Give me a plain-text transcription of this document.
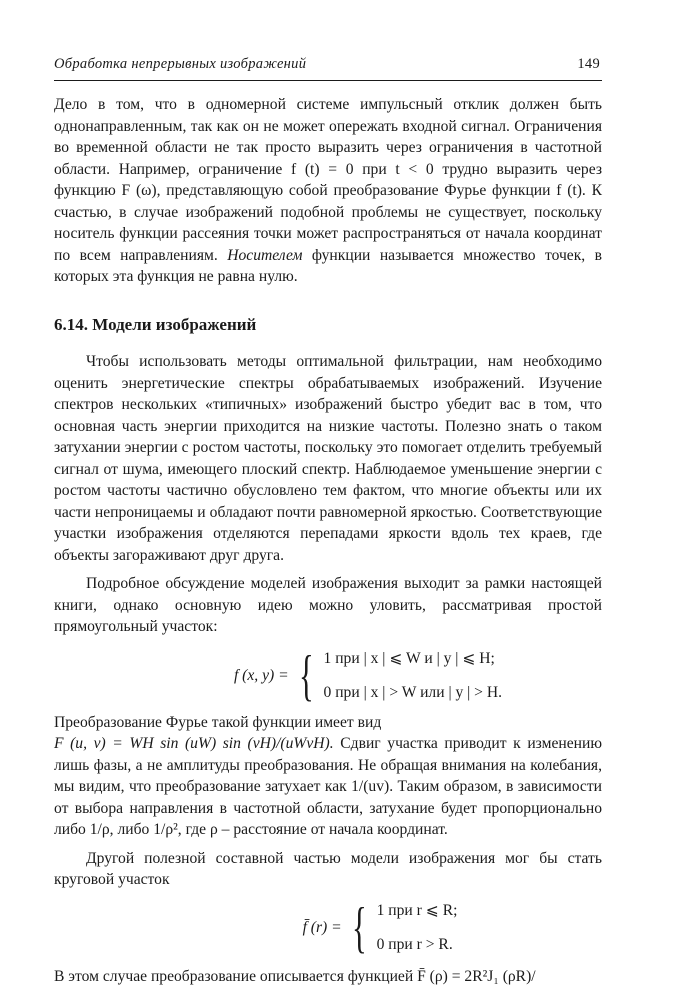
Обработка непрерывных изображений	149

Дело в том, что в одномерной системе импульсный отклик должен быть однонаправленным, так как он не может опережать входной сигнал. Ограничения во временной области не так просто выразить через ограничения в частотной области. Например, ограничение f (t) = 0 при t < 0 трудно выразить через функцию F (ω), представляющую собой преобразование Фурье функции f (t). К счастью, в случае изображений подобной проблемы не существует, поскольку носитель функции рассеяния точки может распространяться от начала координат по всем направлениям. Носителем функции называется множество точек, в которых эта функция не равна нулю.

6.14. Модели изображений

Чтобы использовать методы оптимальной фильтрации, нам необходимо оценить энергетические спектры обрабатываемых изображений. Изучение спектров нескольких «типичных» изображений быстро убедит вас в том, что основная часть энергии приходится на низкие частоты. Полезно знать о таком затухании энергии с ростом частоты, поскольку это помогает отделить требуемый сигнал от шума, имеющего плоский спектр. Наблюдаемое уменьшение энергии с ростом частоты частично обусловлено тем фактом, что многие объекты или их части непроницаемы и обладают почти равномерной яркостью. Соответствующие участки изображения отделяются перепадами яркости вдоль тех краев, где объекты загораживают друг друга.

Подробное обсуждение моделей изображения выходит за рамки настоящей книги, однако основную идею можно уловить, рассматривая простой прямоугольный участок:

f (x, y) = { 1 при | x | ⩽ W и | y | ⩽ H;
0 при | x | > W или | y | > H.

Преобразование Фурье такой функции имеет вид

F (u, v) = WH sin (uW) sin (vH)/(uWvH). Сдвиг участка приводит к изменению лишь фазы, а не амплитуды преобразования. Не обращая внимания на колебания, мы видим, что преобразование затухает как 1/(uv). Таким образом, в зависимости от выбора направления в частотной области, затухание будет пропорционально либо 1/ρ, либо 1/ρ², где ρ – расстояние от начала координат.

Другой полезной составной частью модели изображения мог бы стать круговой участок

f̄ (r) = { 1 при r ⩽ R;
0 при r > R.

В этом случае преобразование описывается функцией F̄ (ρ) = 2R²J₁ (ρR)/
